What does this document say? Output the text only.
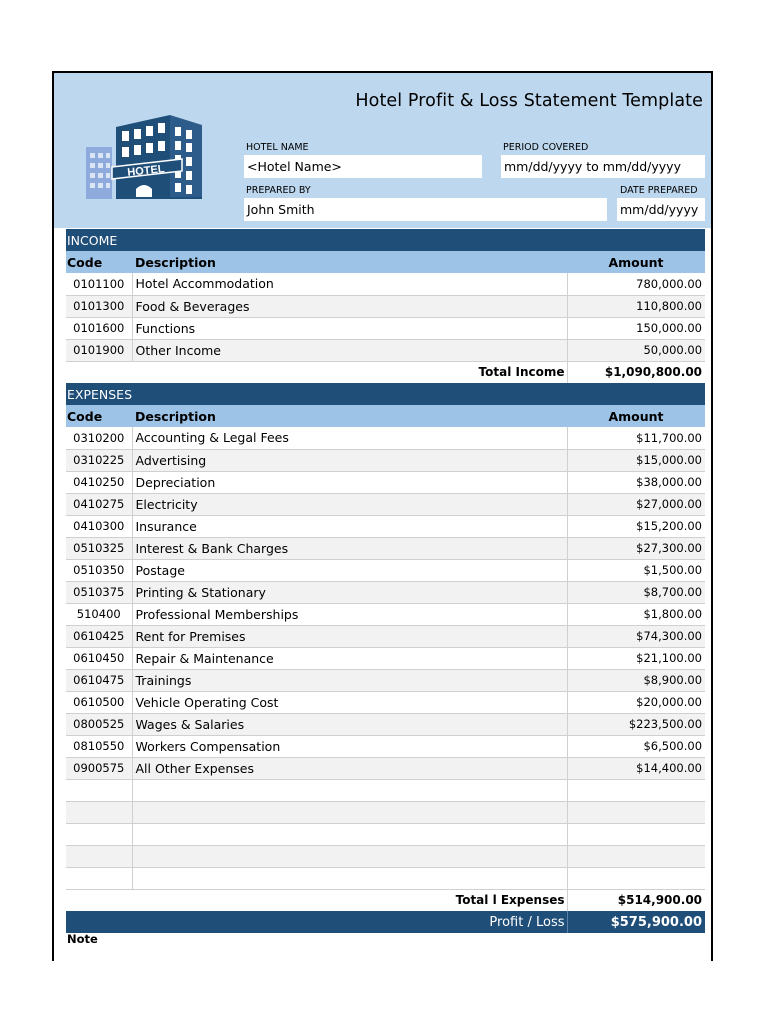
Hotel Profit & Loss Statement Template
HOTEL
HOTEL NAME
<Hotel Name>
PERIOD COVERED
mm/dd/yyyy to mm/dd/yyyy
PREPARED BY
John Smith
DATE PREPARED
mm/dd/yyyy
INCOME		
Code	Description	Amount
0101100	Hotel Accommodation	780,000.00
0101300	Food & Beverages	110,800.00
0101600	Functions	150,000.00
0101900	Other Income	50,000.00
Total Income		$1,090,800.00
EXPENSES		
Code	Description	Amount
0310200	Accounting & Legal Fees	$11,700.00
0310225	Advertising	$15,000.00
0410250	Depreciation	$38,000.00
0410275	Electricity	$27,000.00
0410300	Insurance	$15,200.00
0510325	Interest & Bank Charges	$27,300.00
0510350	Postage	$1,500.00
0510375	Printing & Stationary	$8,700.00
510400	Professional Memberships	$1,800.00
0610425	Rent for Premises	$74,300.00
0610450	Repair & Maintenance	$21,100.00
0610475	Trainings	$8,900.00
0610500	Vehicle Operating Cost	$20,000.00
0800525	Wages & Salaries	$223,500.00
0810550	Workers Compensation	$6,500.00
0900575	All Other Expenses	$14,400.00

Total l Expenses		$514,900.00
Profit / Loss		$575,900.00
Note
